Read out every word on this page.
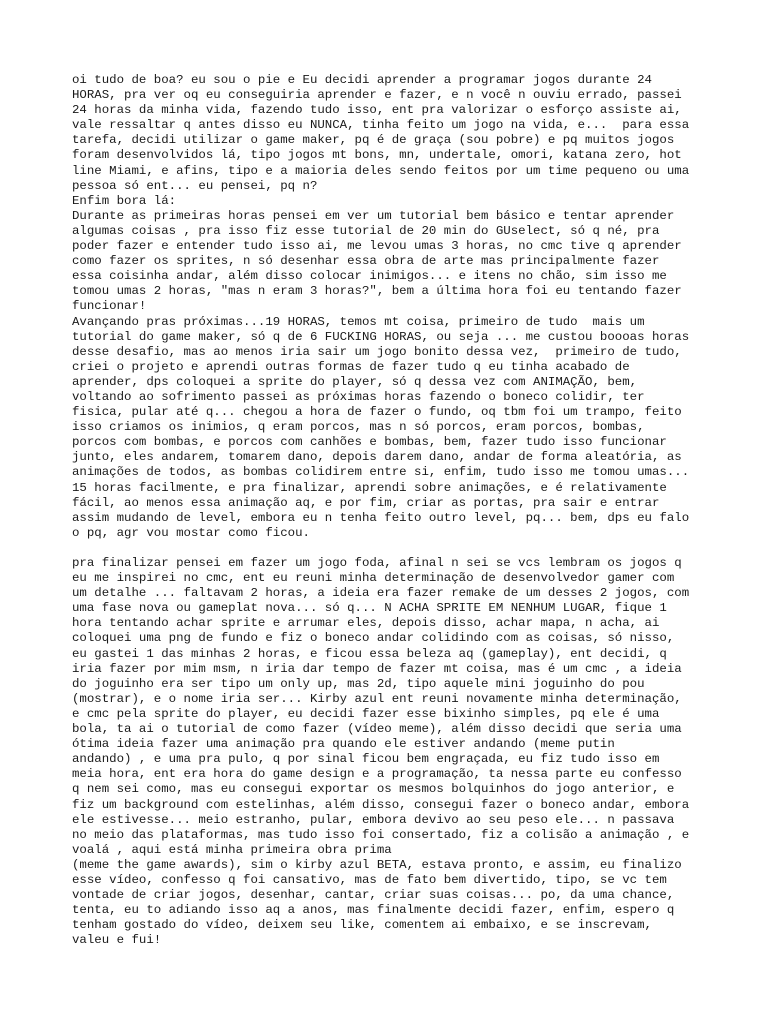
oi tudo de boa? eu sou o pie e Eu decidi aprender a programar jogos durante 24
HORAS, pra ver oq eu conseguiria aprender e fazer, e n você n ouviu errado, passei
24 horas da minha vida, fazendo tudo isso, ent pra valorizar o esforço assiste ai,
vale ressaltar q antes disso eu NUNCA, tinha feito um jogo na vida, e...  para essa
tarefa, decidi utilizar o game maker, pq é de graça (sou pobre) e pq muitos jogos
foram desenvolvidos lá, tipo jogos mt bons, mn, undertale, omori, katana zero, hot
line Miami, e afins, tipo e a maioria deles sendo feitos por um time pequeno ou uma
pessoa só ent... eu pensei, pq n?
Enfim bora lá:
Durante as primeiras horas pensei em ver um tutorial bem básico e tentar aprender
algumas coisas , pra isso fiz esse tutorial de 20 min do GUselect, só q né, pra
poder fazer e entender tudo isso ai, me levou umas 3 horas, no cmc tive q aprender
como fazer os sprites, n só desenhar essa obra de arte mas principalmente fazer
essa coisinha andar, além disso colocar inimigos... e itens no chão, sim isso me
tomou umas 2 horas, "mas n eram 3 horas?", bem a última hora foi eu tentando fazer
funcionar!
Avançando pras próximas...19 HORAS, temos mt coisa, primeiro de tudo  mais um
tutorial do game maker, só q de 6 FUCKING HORAS, ou seja ... me custou boooas horas
desse desafio, mas ao menos iria sair um jogo bonito dessa vez,  primeiro de tudo,
criei o projeto e aprendi outras formas de fazer tudo q eu tinha acabado de
aprender, dps coloquei a sprite do player, só q dessa vez com ANIMAÇÃO, bem,
voltando ao sofrimento passei as próximas horas fazendo o boneco colidir, ter
fisica, pular até q... chegou a hora de fazer o fundo, oq tbm foi um trampo, feito
isso criamos os inimios, q eram porcos, mas n só porcos, eram porcos, bombas,
porcos com bombas, e porcos com canhões e bombas, bem, fazer tudo isso funcionar
junto, eles andarem, tomarem dano, depois darem dano, andar de forma aleatória, as
animações de todos, as bombas colidirem entre si, enfim, tudo isso me tomou umas...
15 horas facilmente, e pra finalizar, aprendi sobre animações, e é relativamente
fácil, ao menos essa animação aq, e por fim, criar as portas, pra sair e entrar
assim mudando de level, embora eu n tenha feito outro level, pq... bem, dps eu falo
o pq, agr vou mostar como ficou.
pra finalizar pensei em fazer um jogo foda, afinal n sei se vcs lembram os jogos q
eu me inspirei no cmc, ent eu reuni minha determinação de desenvolvedor gamer com
um detalhe ... faltavam 2 horas, a ideia era fazer remake de um desses 2 jogos, com
uma fase nova ou gameplat nova... só q... N ACHA SPRITE EM NENHUM LUGAR, fique 1
hora tentando achar sprite e arrumar eles, depois disso, achar mapa, n acha, ai
coloquei uma png de fundo e fiz o boneco andar colidindo com as coisas, só nisso,
eu gastei 1 das minhas 2 horas, e ficou essa beleza aq (gameplay), ent decidi, q
iria fazer por mim msm, n iria dar tempo de fazer mt coisa, mas é um cmc , a ideia
do joguinho era ser tipo um only up, mas 2d, tipo aquele mini joguinho do pou
(mostrar), e o nome iria ser... Kirby azul ent reuni novamente minha determinação,
e cmc pela sprite do player, eu decidi fazer esse bixinho simples, pq ele é uma
bola, ta ai o tutorial de como fazer (vídeo meme), além disso decidi que seria uma
ótima ideia fazer uma animação pra quando ele estiver andando (meme putin
andando) , e uma pra pulo, q por sinal ficou bem engraçada, eu fiz tudo isso em
meia hora, ent era hora do game design e a programação, ta nessa parte eu confesso
q nem sei como, mas eu consegui exportar os mesmos bolquinhos do jogo anterior, e
fiz um background com estelinhas, além disso, consegui fazer o boneco andar, embora
ele estivesse... meio estranho, pular, embora devivo ao seu peso ele... n passava
no meio das plataformas, mas tudo isso foi consertado, fiz a colisão a animação , e
voalá , aqui está minha primeira obra prima
(meme the game awards), sim o kirby azul BETA, estava pronto, e assim, eu finalizo
esse vídeo, confesso q foi cansativo, mas de fato bem divertido, tipo, se vc tem
vontade de criar jogos, desenhar, cantar, criar suas coisas... po, da uma chance,
tenta, eu to adiando isso aq a anos, mas finalmente decidi fazer, enfim, espero q
tenham gostado do vídeo, deixem seu like, comentem ai embaixo, e se inscrevam,
valeu e fui!
